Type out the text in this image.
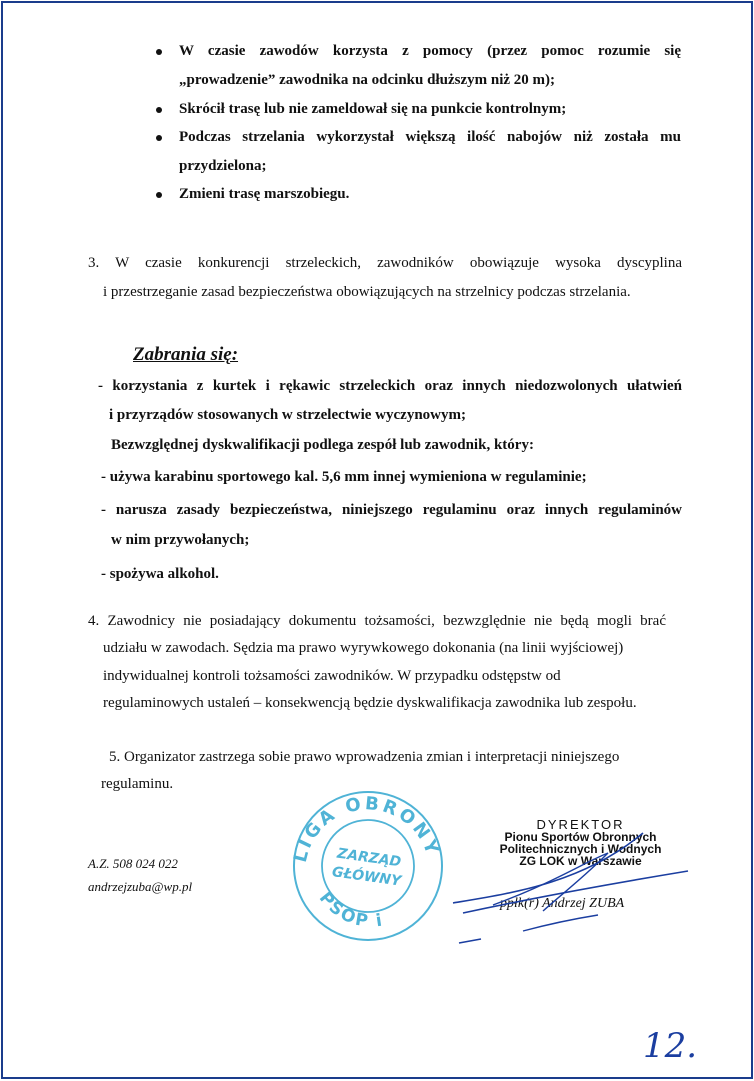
W czasie zawodów korzysta z pomocy (przez pomoc rozumie się
„prowadzenie” zawodnika na odcinku dłuższym niż 20 m);
Skrócił trasę lub nie zameldował się na punkcie kontrolnym;
Podczas strzelania wykorzystał większą ilość nabojów niż została mu
przydzielona;
Zmieni trasę marszobiegu.
3. W czasie konkurencji strzeleckich, zawodników obowiązuje wysoka dyscyplina
i przestrzeganie zasad bezpieczeństwa obowiązujących na strzelnicy podczas strzelania.
Zabrania się:
- korzystania z kurtek i rękawic strzeleckich oraz innych niedozwolonych ułatwień
i przyrządów stosowanych w strzelectwie wyczynowym;
Bezwzględnej dyskwalifikacji podlega zespół lub zawodnik, który:
- używa karabinu sportowego kal. 5,6 mm innej wymieniona w regulaminie;
- narusza zasady bezpieczeństwa, niniejszego regulaminu oraz innych regulaminów
w nim przywołanych;
- spożywa alkohol.
4. Zawodnicy nie posiadający dokumentu tożsamości, bezwzględnie nie będą mogli brać
udziału w zawodach. Sędzia ma prawo wyrywkowego dokonania (na linii wyjściowej)
indywidualnej kontroli tożsamości zawodników. W przypadku odstępstw od
regulaminowych ustaleń – konsekwencją będzie dyskwalifikacja zawodnika lub zespołu.
5. Organizator zastrzega sobie prawo wprowadzenia zmian i interpretacji niniejszego
regulaminu.
A.Z. 508 024 022
andrzejzuba@wp.pl
LIGA OBRONY
PSOP i
ZARZĄD
GŁÓWNY
DYREKTOR
Pionu Sportów Obronnych
Politechnicznych i Wodnych
ZG LOK w Warszawie
ppłk(r) Andrzej ZUBA
12.
